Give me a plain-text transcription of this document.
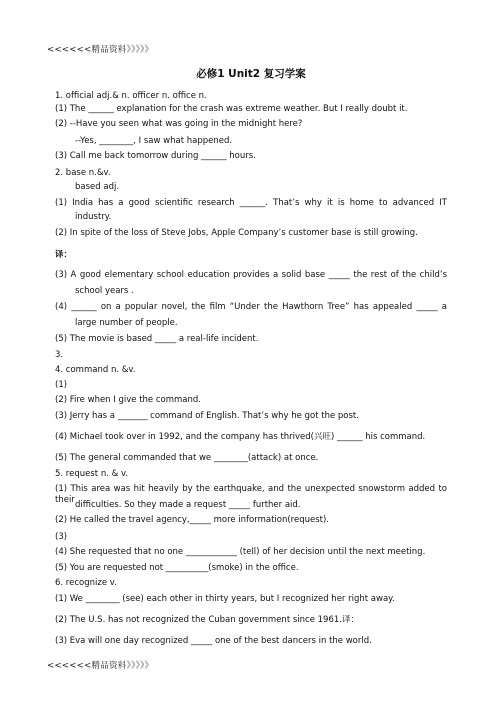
<<<<<<精品资料》》》》》
必修1 Unit2 复习学案
1. official adj.& n. officer n. office n.
(1) The ______ explanation for the crash was extreme weather. But I really doubt it.
(2) --Have you seen what was going in the midnight here?
--Yes, ________, I saw what happened.
(3) Call me back tomorrow during ______ hours.
2. base n.&v.
based adj.
(1) India has a good scientific research ______. That’s why it is home to advanced IT
industry.
(2) In spite of the loss of Steve Jobs, Apple Company’s customer base is still growing.
译：
(3) A good elementary school education provides a solid base _____ the rest of the child’s
school years .
(4) ______ on a popular novel, the film “Under the Hawthorn Tree” has appealed _____ a
large number of people.
(5) The movie is based _____ a real-life incident.
3.
4. command n. &v.
(1)
(2) Fire when I give the command.
(3) Jerry has a _______ command of English. That’s why he got the post.
(4) Michael took over in 1992, and the company has thrived(兴旺) ______ his command.
(5) The general commanded that we ________(attack) at once.
5. request n. & v.
(1) This area was hit heavily by the earthquake, and the unexpected snowstorm added to their difficulties. So they made a request _____ further aid.
(2) He called the travel agency,_____ more information(request).
(3)
(4) She requested that no one ____________ (tell) of her decision until the next meeting.
(5) You are requested not __________(smoke) in the office.
6. recognize v.
(1) We ________ (see) each other in thirty years, but I recognized her right away.
(2) The U.S. has not recognized the Cuban government since 1961.译：
(3) Eva will one day recognized _____ one of the best dancers in the world.
<<<<<<精品资料》》》》》
